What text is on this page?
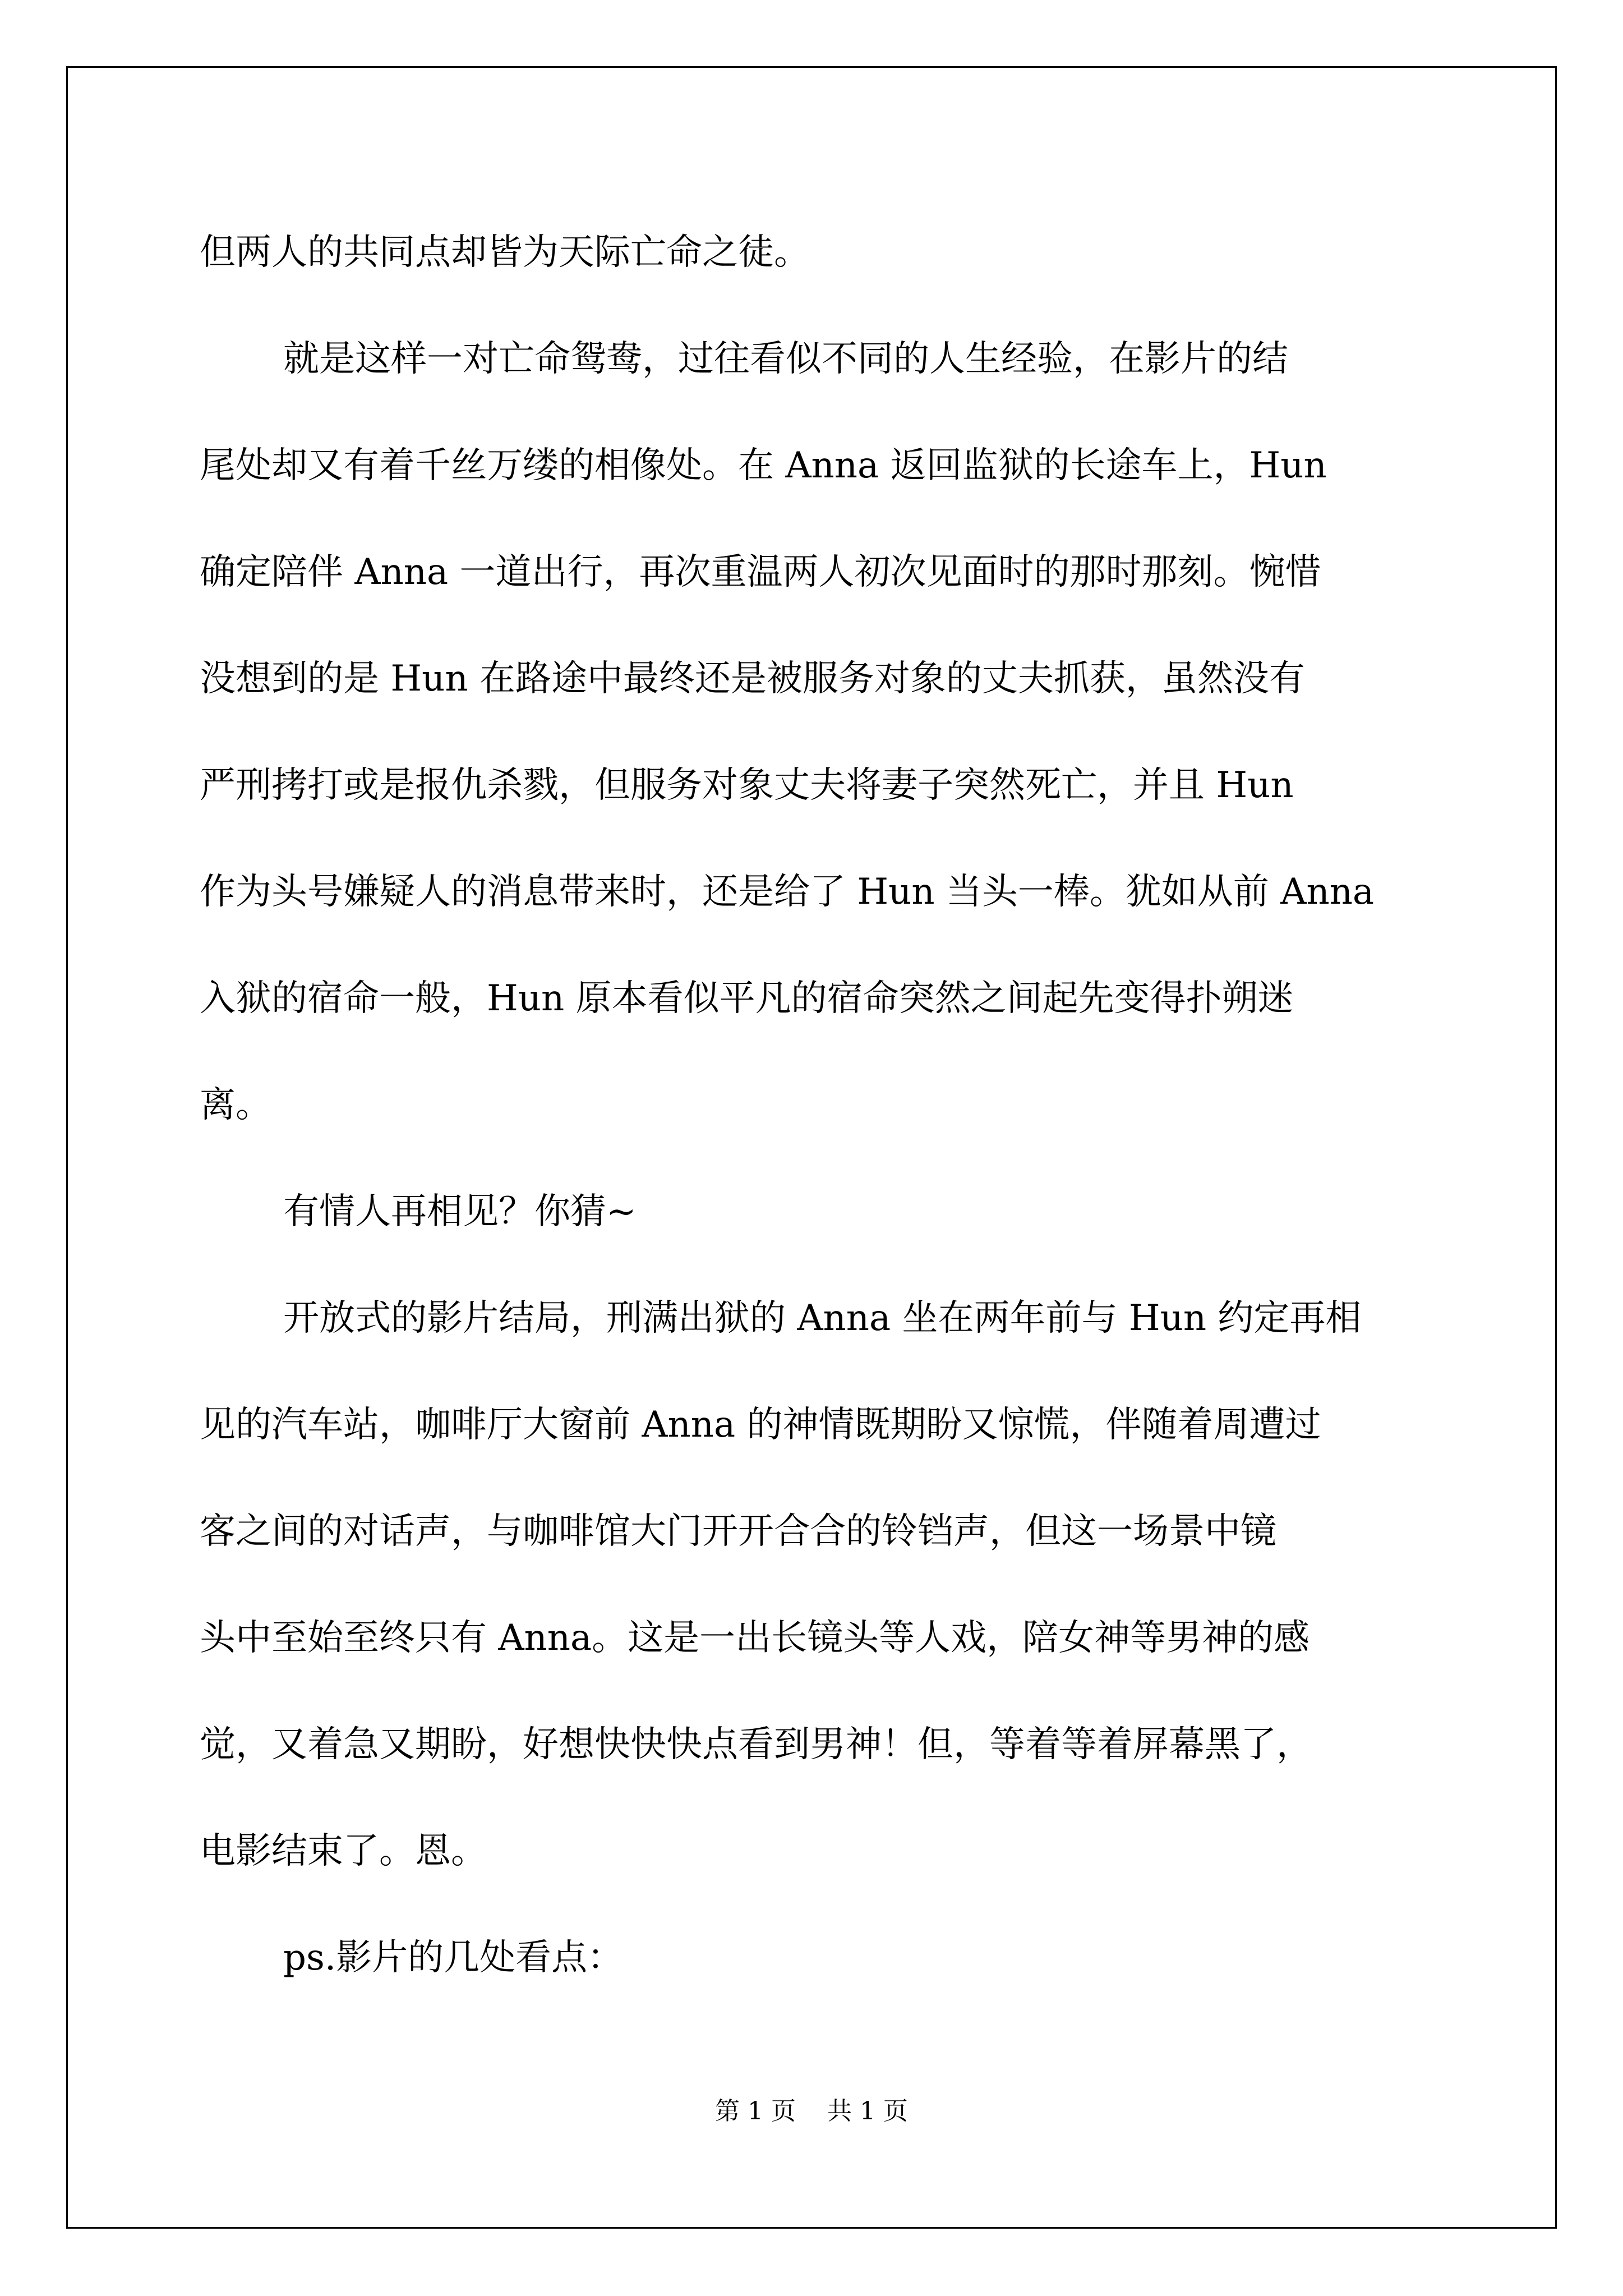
但两人的共同点却皆为天际亡命之徒。

就是这样一对亡命鸳鸯，过往看似不同的人生经验，在影片的结

尾处却又有着千丝万缕的相像处。在 Anna 返回监狱的长途车上，Hun

确定陪伴 Anna 一道出行，再次重温两人初次见面时的那时那刻。惋惜

没想到的是 Hun 在路途中最终还是被服务对象的丈夫抓获，虽然没有

严刑拷打或是报仇杀戮，但服务对象丈夫将妻子突然死亡，并且 Hun

作为头号嫌疑人的消息带来时，还是给了 Hun 当头一棒。犹如从前 Anna

入狱的宿命一般，Hun 原本看似平凡的宿命突然之间起先变得扑朔迷

离。

有情人再相见？你猜~

开放式的影片结局，刑满出狱的 Anna 坐在两年前与 Hun 约定再相

见的汽车站，咖啡厅大窗前 Anna 的神情既期盼又惊慌，伴随着周遭过

客之间的对话声，与咖啡馆大门开开合合的铃铛声，但这一场景中镜

头中至始至终只有 Anna。这是一出长镜头等人戏，陪女神等男神的感

觉，又着急又期盼，好想快快快点看到男神！但，等着等着屏幕黑了，

电影结束了。恩。

ps.影片的几处看点：

第 1 页    共 1 页
